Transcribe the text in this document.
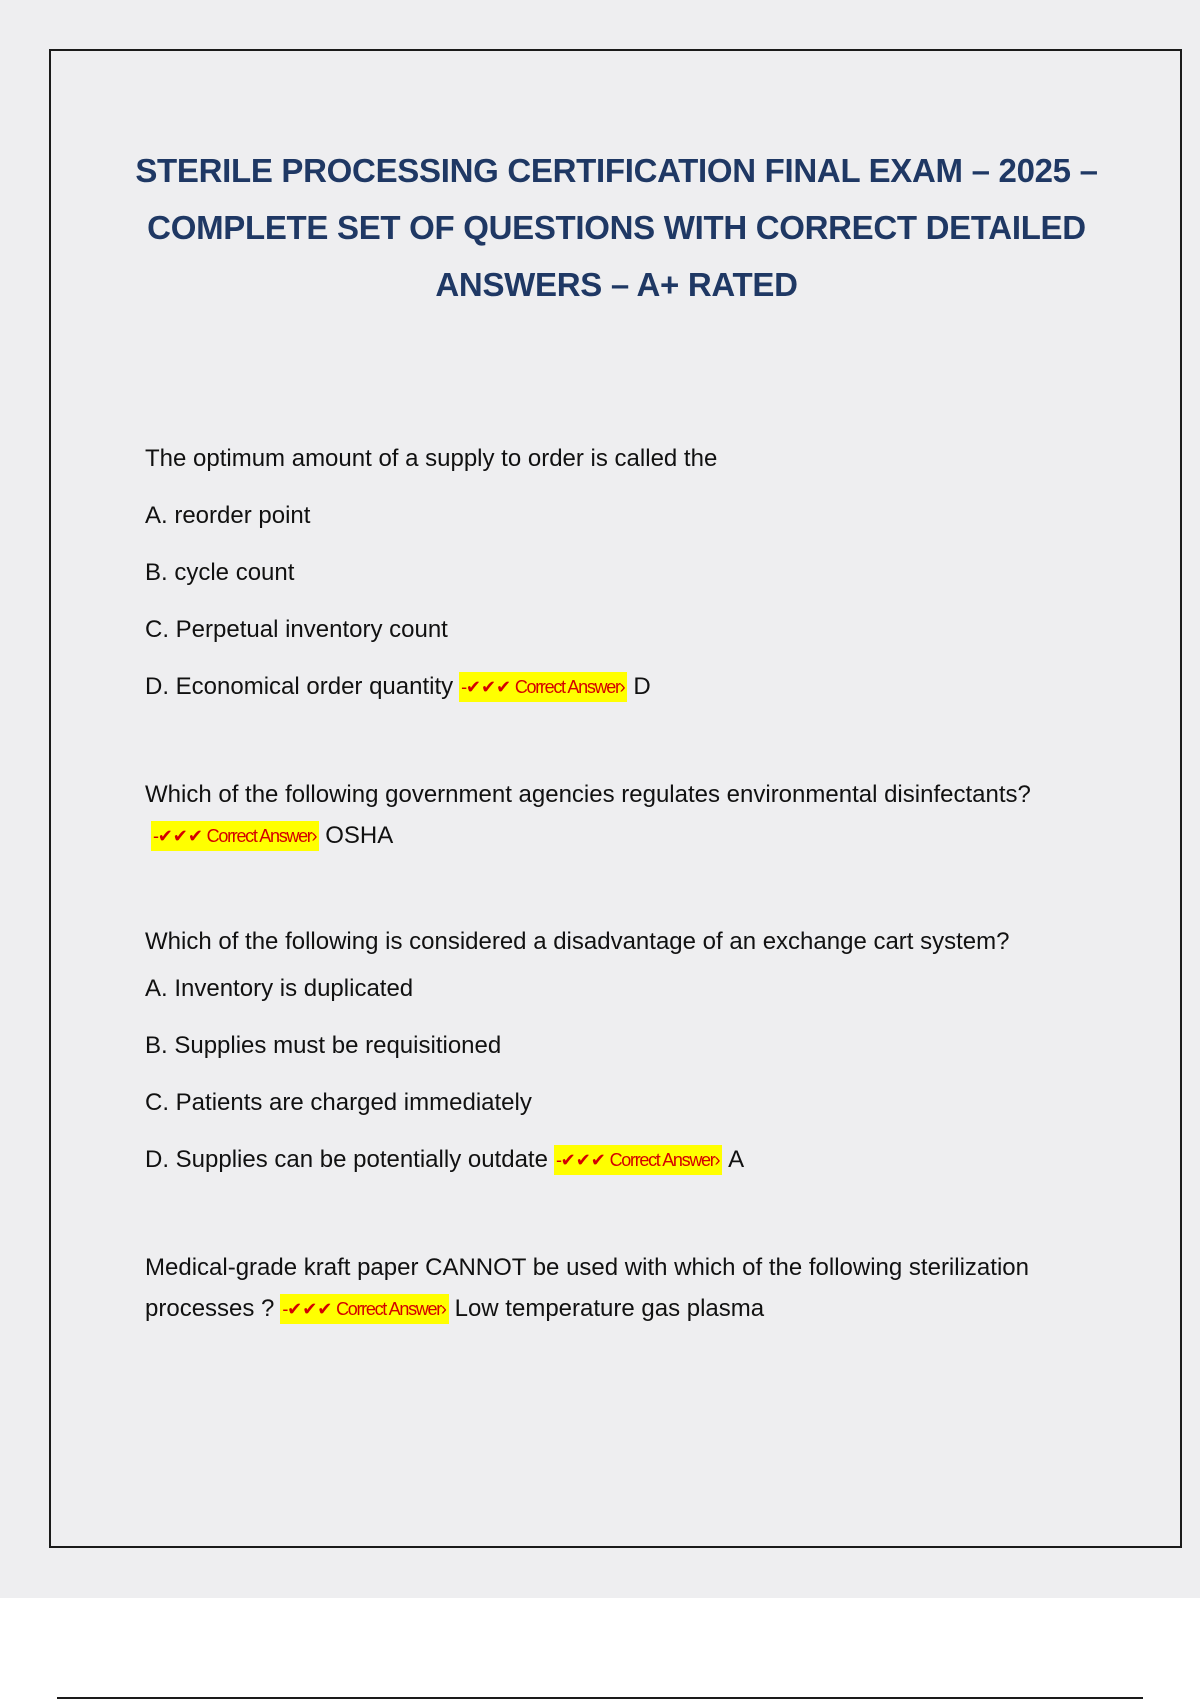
STERILE PROCESSING CERTIFICATION FINAL EXAM – 2025 – COMPLETE SET OF QUESTIONS WITH CORRECT DETAILED ANSWERS – A+ RATED

The optimum amount of a supply to order is called the

A. reorder point

B. cycle count

C. Perpetual inventory count

D. Economical order quantity -✔✔✔ Correct Answer› D

Which of the following government agencies regulates environmental disinfectants?-✔✔✔ Correct Answer› OSHA

Which of the following is considered a disadvantage of an exchange cart system?

A. Inventory is duplicated

B. Supplies must be requisitioned

C. Patients are charged immediately

D. Supplies can be potentially outdate -✔✔✔ Correct Answer› A

Medical-grade kraft paper CANNOT be used with which of the following sterilization processes ? -✔✔✔ Correct Answer› Low temperature gas plasma
